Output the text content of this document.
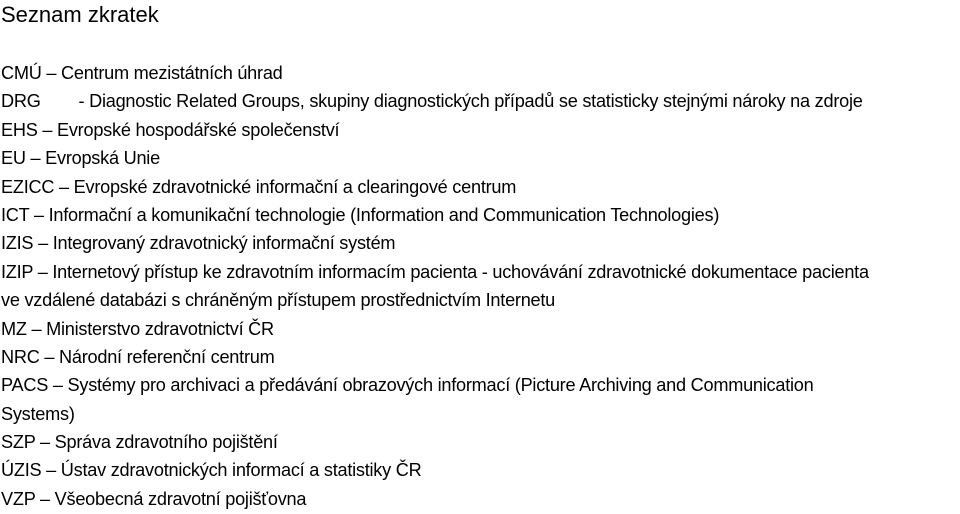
Seznam zkratek
CMÚ – Centrum mezistátních úhrad
DRG - Diagnostic Related Groups, skupiny diagnostických případů se statisticky stejnými nároky na zdroje
EHS – Evropské hospodářské společenství
EU – Evropská Unie
EZICC – Evropské zdravotnické informační a clearingové centrum
ICT – Informační a komunikační technologie (Information and Communication Technologies)
IZIS – Integrovaný zdravotnický informační systém
IZIP – Internetový přístup ke zdravotním informacím pacienta - uchovávání zdravotnické dokumentace pacienta
ve vzdálené databázi s chráněným přístupem prostřednictvím Internetu
MZ – Ministerstvo zdravotnictví ČR
NRC – Národní referenční centrum
PACS – Systémy pro archivaci a předávání obrazových informací (Picture Archiving and Communication
Systems)
SZP – Správa zdravotního pojištění
ÚZIS – Ústav zdravotnických informací a statistiky ČR
VZP – Všeobecná zdravotní pojišťovna
